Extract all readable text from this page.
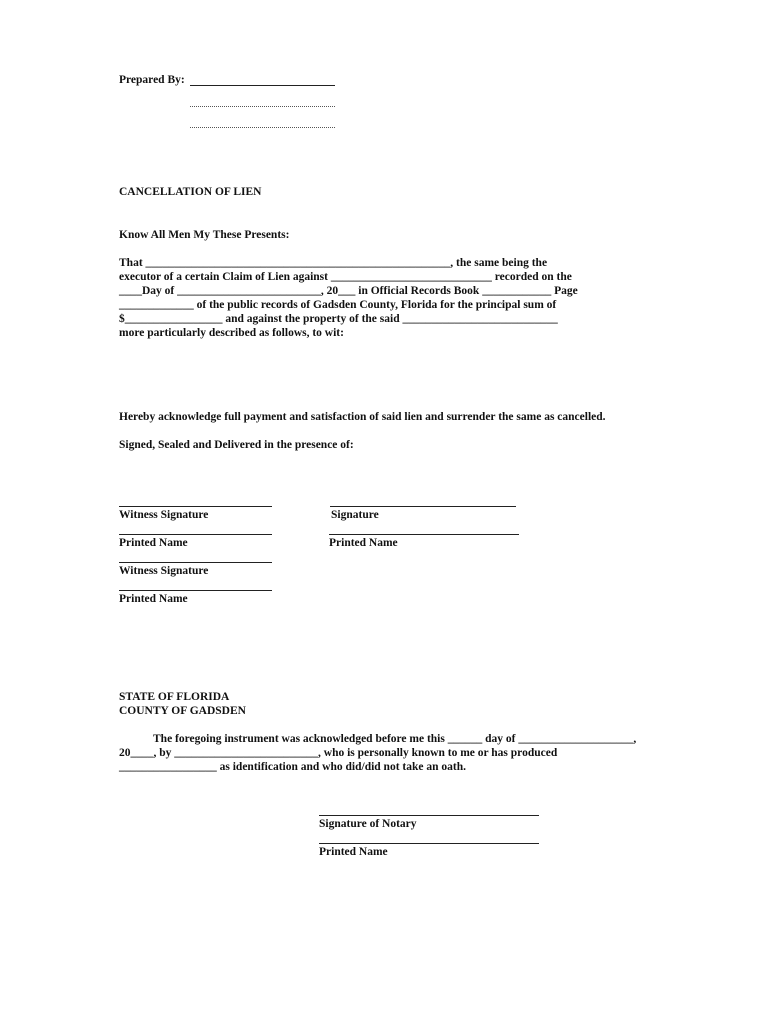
Prepared By:
CANCELLATION OF LIEN
Know All Men My These Presents:
That _____________________________________________________, the same being the
executor of a certain Claim of Lien against ____________________________ recorded on the
____Day of _________________________, 20___ in Official Records Book ____________ Page
_____________ of the public records of Gadsden County, Florida for the principal sum of
$_________________ and against the property of the said ___________________________
more particularly described as follows, to wit:
Hereby acknowledge full payment and satisfaction of said lien and surrender the same as cancelled.
Signed, Sealed and Delivered in the presence of:
Witness Signature
Printed Name
Witness Signature
Printed Name
Signature
Printed Name
STATE OF FLORIDA
COUNTY OF GADSDEN
The foregoing instrument was acknowledged before me this ______ day of ____________________,
20____, by _________________________, who is personally known to me or has produced
_________________ as identification and who did/did not take an oath.
Signature of Notary
Printed Name
